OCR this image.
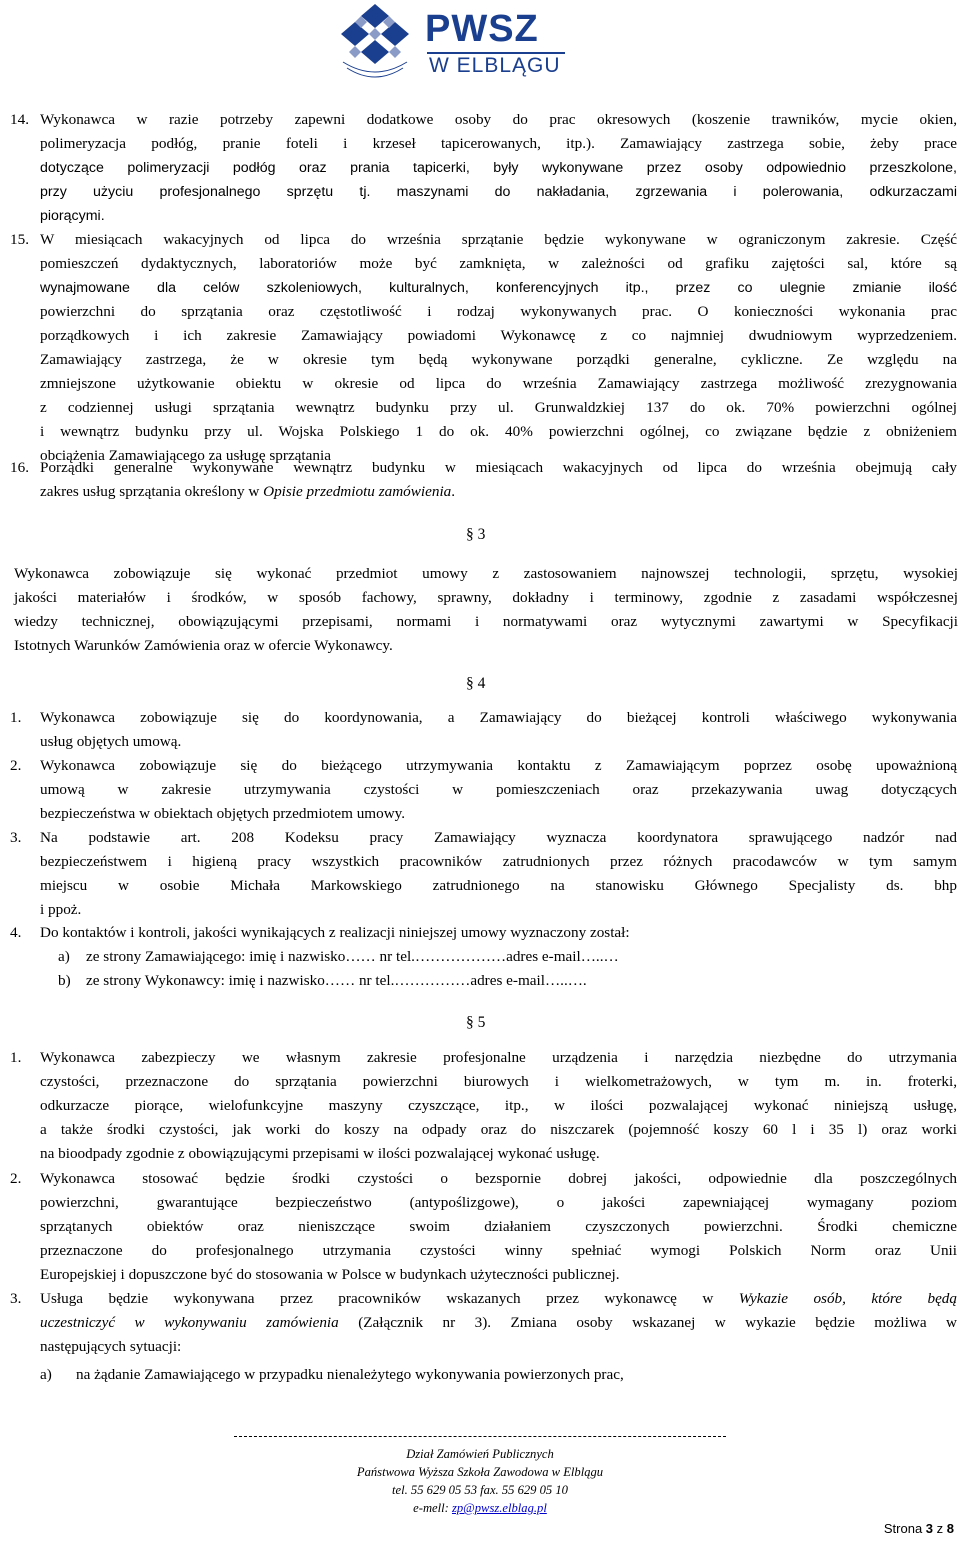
PWSZ
W ELBLĄGU
14. Wykonawca w razie potrzeby zapewni dodatkowe osoby do prac okresowych (koszenie trawników, mycie okien,
polimeryzacja podłóg, pranie foteli i krzeseł tapicerowanych, itp.). Zamawiający zastrzega sobie, żeby prace
dotyczące polimeryzacji podłóg oraz prania tapicerki, były wykonywane przez osoby odpowiednio przeszkolone,
przy użyciu profesjonalnego sprzętu tj. maszynami do nakładania, zgrzewania i polerowania, odkurzaczami
piorącymi.
15. W miesiącach wakacyjnych od lipca do września sprzątanie będzie wykonywane w ograniczonym zakresie. Część
pomieszczeń dydaktycznych, laboratoriów może być zamknięta, w zależności od grafiku zajętości sal, które są
wynajmowane dla celów szkoleniowych, kulturalnych, konferencyjnych itp., przez co ulegnie zmianie ilość
powierzchni do sprzątania oraz częstotliwość i rodzaj wykonywanych prac. O konieczności wykonania prac
porządkowych i ich zakresie Zamawiający powiadomi Wykonawcę z co najmniej dwudniowym wyprzedzeniem.
Zamawiający zastrzega, że w okresie tym będą wykonywane porządki generalne, cykliczne. Ze względu na
zmniejszone użytkowanie obiektu w okresie od lipca do września Zamawiający zastrzega możliwość zrezygnowania
z codziennej usługi sprzątania wewnątrz budynku przy ul. Grunwaldzkiej 137 do ok. 70% powierzchni ogólnej
i wewnątrz budynku przy ul. Wojska Polskiego 1 do ok. 40% powierzchni ogólnej, co związane będzie z obniżeniem
obciążenia Zamawiającego za usługę sprzątania
16. Porządki generalne wykonywane wewnątrz budynku w miesiącach wakacyjnych od lipca do września obejmują cały
zakres usług sprzątania określony w Opisie przedmiotu zamówienia.
§ 3
Wykonawca zobowiązuje się wykonać przedmiot umowy z zastosowaniem najnowszej technologii, sprzętu, wysokiej
jakości materiałów i środków, w sposób fachowy, sprawny, dokładny i terminowy, zgodnie z zasadami współczesnej
wiedzy technicznej, obowiązującymi przepisami, normami i normatywami oraz wytycznymi zawartymi w Specyfikacji
Istotnych Warunków Zamówienia oraz w ofercie Wykonawcy.
§ 4
1. Wykonawca zobowiązuje się do koordynowania, a Zamawiający do bieżącej kontroli właściwego wykonywania
usług objętych umową.
2. Wykonawca zobowiązuje się do bieżącego utrzymywania kontaktu z Zamawiającym poprzez osobę upoważnioną
umową w zakresie utrzymywania czystości w pomieszczeniach oraz przekazywania uwag dotyczących
bezpieczeństwa w obiektach objętych przedmiotem umowy.
3. Na podstawie art. 208 Kodeksu pracy Zamawiający wyznacza koordynatora sprawującego nadzór nad
bezpieczeństwem i higieną pracy wszystkich pracowników zatrudnionych przez różnych pracodawców w tym samym
miejscu w osobie Michała Markowskiego zatrudnionego na stanowisku Głównego Specjalisty ds. bhp
i ppoż.
4. Do kontaktów i kontroli, jakości wynikających z realizacji niniejszej umowy wyznaczony został:
a) ze strony Zamawiającego: imię i nazwisko…… nr tel.………………adres e-mail…..…
b) ze strony Wykonawcy: imię i nazwisko…… nr tel.……………adres e-mail…..….
§ 5
1. Wykonawca zabezpieczy we własnym zakresie profesjonalne urządzenia i narzędzia niezbędne do utrzymania
czystości, przeznaczone do sprzątania powierzchni biurowych i wielkometrażowych, w tym m. in. froterki,
odkurzacze piorące, wielofunkcyjne maszyny czyszczące, itp., w ilości pozwalającej wykonać niniejszą usługę,
a także środki czystości, jak worki do koszy na odpady oraz do niszczarek (pojemność koszy 60 l i 35 l) oraz worki
na bioodpady zgodnie z obowiązującymi przepisami w ilości pozwalającej wykonać usługę.
2. Wykonawca stosować będzie środki czystości o bezspornie dobrej jakości, odpowiednie dla poszczególnych
powierzchni, gwarantujące bezpieczeństwo (antypoślizgowe), o jakości zapewniającej wymagany poziom
sprzątanych obiektów oraz nieniszczące swoim działaniem czyszczonych powierzchni. Środki chemiczne
przeznaczone do profesjonalnego utrzymania czystości winny spełniać wymogi Polskich Norm oraz Unii
Europejskiej i dopuszczone być do stosowania w Polsce w budynkach użyteczności publicznej.
3. Usługa będzie wykonywana przez pracowników wskazanych przez wykonawcę w Wykazie osób, które będą
uczestniczyć w wykonywaniu zamówienia (Załącznik nr 3). Zmiana osoby wskazanej w wykazie będzie możliwa w
następujących sytuacji:
a) na żądanie Zamawiającego w przypadku nienależytego wykonywania powierzonych prac,
Dział Zamówień Publicznych
Państwowa Wyższa Szkoła Zawodowa w Elblągu
tel. 55 629 05 53 fax. 55 629 05 10
e-mell: zp@pwsz.elblag.pl
Strona 3 z 8
